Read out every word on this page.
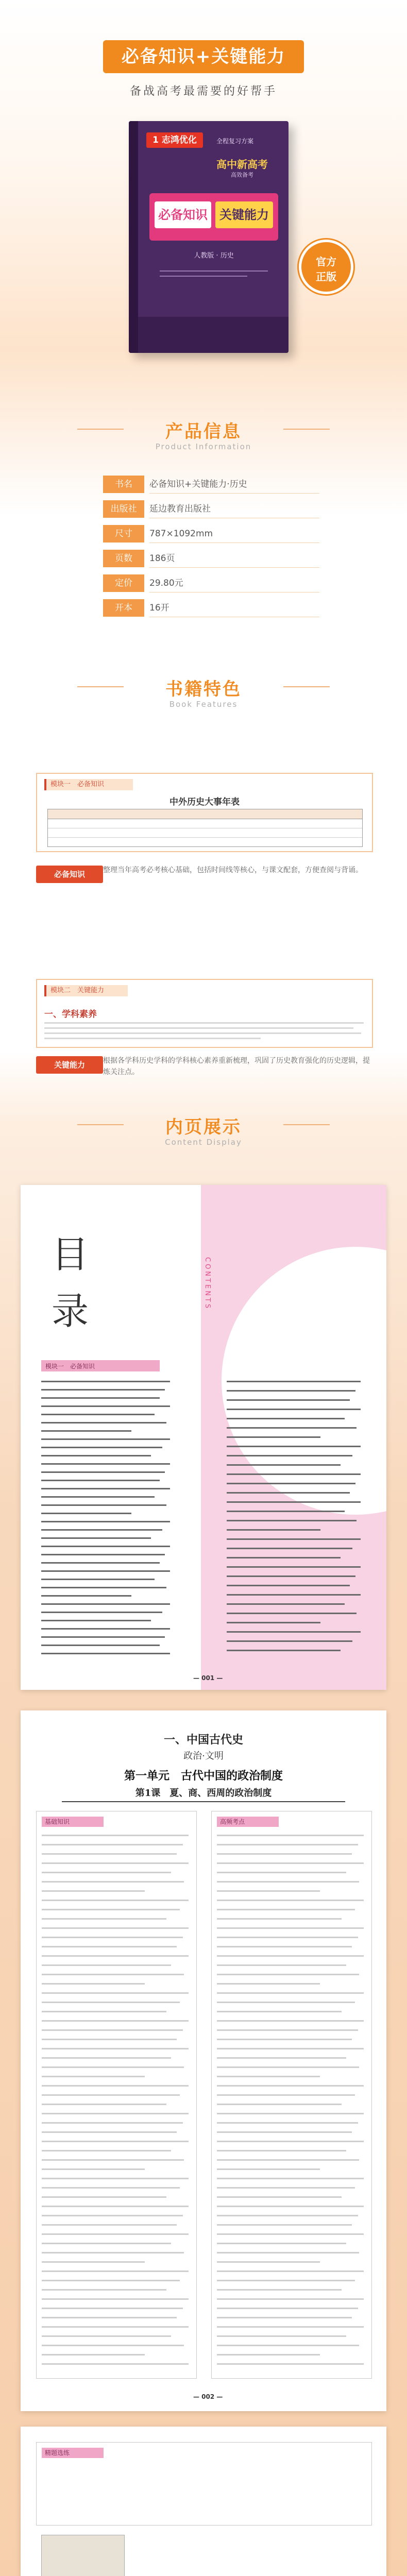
必备知识+关键能力
备战高考最需要的好帮手
1 志鸿优化	全程复习方案
高中新高考
高效备考
必备知识 关键能力
人教版 · 历史	官方
正版
产品信息
Product Information
书名	必备知识+关键能力·历史
出版社	延边教育出版社
尺寸	787×1092mm
页数	186页
定价	29.80元
开本	16开
书籍特色
Book Features
模块一　必备知识
中外历史大事年表
必备知识	整理当年高考必考核心基础，包括时间线等核心，与课文配套，方便查阅与背诵。
模块二　关键能力
一、学科素养
关键能力	根据各学科历史学科的学科核心素养重新梳理，巩固了历史教育强化的历史逻辑，提炼关注点。
内页展示
Content Display
目 录
CONTENTS
模块一　必备知识
— 001 —
一、中国古代史
政治·文明
第一单元　古代中国的政治制度
第1课　夏、商、西周的政治制度
基础知识	高频考点
— 002 —
精题选练
